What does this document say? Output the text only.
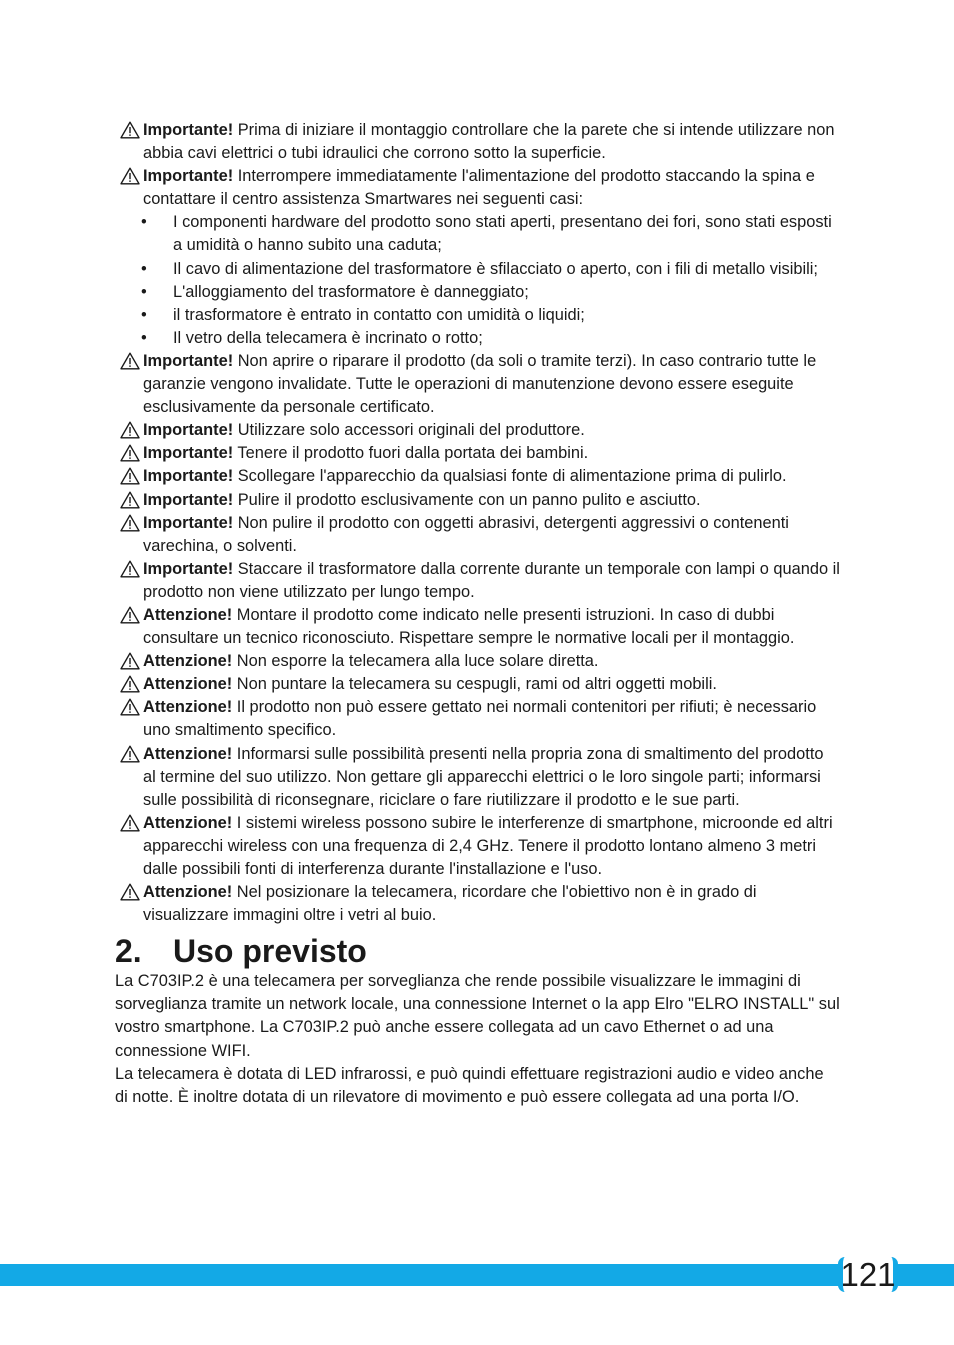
Importante! Prima di iniziare il montaggio controllare che la parete che si intende utilizzare non abbia cavi elettrici o tubi idraulici che corrono sotto la superficie.
Importante! Interrompere immediatamente l'alimentazione del prodotto staccando la spina e contattare il centro assistenza Smartwares nei seguenti casi:
• I componenti hardware del prodotto sono stati aperti, presentano dei fori, sono stati esposti a umidità o hanno subito una caduta;
• Il cavo di alimentazione del trasformatore è sfilacciato o aperto, con i fili di metallo visibili;
• L'alloggiamento del trasformatore è danneggiato;
• il trasformatore è entrato in contatto con umidità o liquidi;
• Il vetro della telecamera è incrinato o rotto;
Importante! Non aprire o riparare il prodotto (da soli o tramite terzi). In caso contrario tutte le garanzie vengono invalidate. Tutte le operazioni di manutenzione devono essere eseguite esclusivamente da personale certificato.
Importante! Utilizzare solo accessori originali del produttore.
Importante! Tenere il prodotto fuori dalla portata dei bambini.
Importante! Scollegare l'apparecchio da qualsiasi fonte di alimentazione prima di pulirlo.
Importante! Pulire il prodotto esclusivamente con un panno pulito e asciutto.
Importante! Non pulire il prodotto con oggetti abrasivi, detergenti aggressivi o contenenti varechina, o solventi.
Importante! Staccare il trasformatore dalla corrente durante un temporale con lampi o quando il prodotto non viene utilizzato per lungo tempo.
Attenzione! Montare il prodotto come indicato nelle presenti istruzioni. In caso di dubbi consultare un tecnico riconosciuto. Rispettare sempre le normative locali per il montaggio.
Attenzione! Non esporre la telecamera alla luce solare diretta.
Attenzione! Non puntare la telecamera su cespugli, rami od altri oggetti mobili.
Attenzione! Il prodotto non può essere gettato nei normali contenitori per rifiuti; è necessario uno smaltimento specifico.
Attenzione! Informarsi sulle possibilità presenti nella propria zona di smaltimento del prodotto al termine del suo utilizzo. Non gettare gli apparecchi elettrici o le loro singole parti; informarsi sulle possibilità di riconsegnare, riciclare o fare riutilizzare il prodotto e le sue parti.
Attenzione! I sistemi wireless possono subire le interferenze di smartphone, microonde ed altri apparecchi wireless con una frequenza di 2,4 GHz. Tenere il prodotto lontano almeno 3 metri dalle possibili fonti di interferenza durante l'installazione e l'uso.
Attenzione! Nel posizionare la telecamera, ricordare che l'obiettivo non è in grado di visualizzare immagini oltre i vetri al buio.
2. Uso previsto

La C703IP.2 è una telecamera per sorveglianza che rende possibile visualizzare le immagini di sorveglianza tramite un network locale, una connessione Internet o la app Elro "ELRO INSTALL" sul vostro smartphone. La C703IP.2 può anche essere collegata ad un cavo Ethernet o ad una connessione WIFI.

La telecamera è dotata di LED infrarossi, e può quindi effettuare registrazioni audio e video anche di notte. È inoltre dotata di un rilevatore di movimento e può essere collegata ad una porta I/O.

121
